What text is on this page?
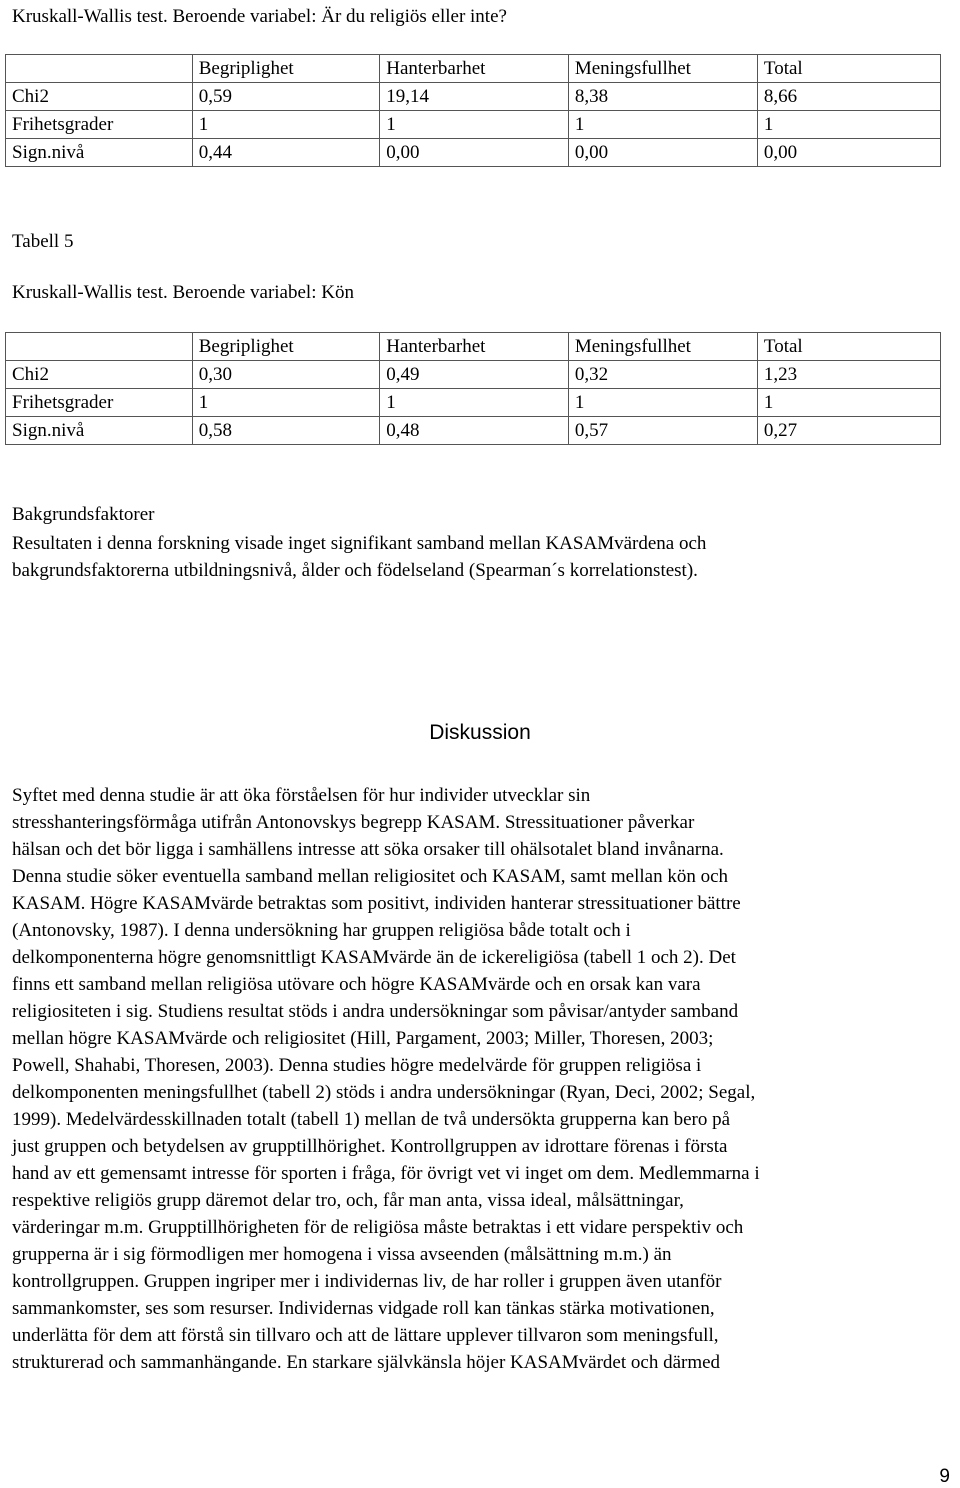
Kruskall-Wallis test. Beroende variabel: Är du religiös eller inte?
	Begriplighet	Hanterbarhet	Meningsfullhet	Total
Chi2	0,59	19,14	8,38	8,66
Frihetsgrader	1	1	1	1
Sign.nivå	0,44	0,00	0,00	0,00
Tabell 5
Kruskall-Wallis test. Beroende variabel: Kön
	Begriplighet	Hanterbarhet	Meningsfullhet	Total
Chi2	0,30	0,49	0,32	1,23
Frihetsgrader	1	1	1	1
Sign.nivå	0,58	0,48	0,57	0,27
Bakgrundsfaktorer
Resultaten i denna forskning visade inget signifikant samband mellan KASAMvärdena och
bakgrundsfaktorerna utbildningsnivå, ålder och födelseland (Spearman´s korrelationstest).
Diskussion
Syftet med denna studie är att öka förståelsen för hur individer utvecklar sin
stresshanteringsförmåga utifrån Antonovskys begrepp KASAM. Stressituationer påverkar
hälsan och det bör ligga i samhällens intresse att söka orsaker till ohälsotalet bland invånarna.
Denna studie söker eventuella samband mellan religiositet och KASAM, samt mellan kön och
KASAM. Högre KASAMvärde betraktas som positivt, individen hanterar stressituationer bättre
(Antonovsky, 1987). I denna undersökning har gruppen religiösa både totalt och i
delkomponenterna högre genomsnittligt KASAMvärde än de ickereligiösa (tabell 1 och 2). Det
finns ett samband mellan religiösa utövare och högre KASAMvärde och en orsak kan vara
religiositeten i sig. Studiens resultat stöds i andra undersökningar som påvisar/antyder samband
mellan högre KASAMvärde och religiositet (Hill, Pargament, 2003; Miller, Thoresen, 2003;
Powell, Shahabi, Thoresen, 2003). Denna studies högre medelvärde för gruppen religiösa i
delkomponenten meningsfullhet (tabell 2) stöds i andra undersökningar (Ryan, Deci, 2002; Segal,
1999). Medelvärdesskillnaden totalt (tabell 1) mellan de två undersökta grupperna kan bero på
just gruppen och betydelsen av grupptillhörighet. Kontrollgruppen av idrottare förenas i första
hand av ett gemensamt intresse för sporten i fråga, för övrigt vet vi inget om dem. Medlemmarna i
respektive religiös grupp däremot delar tro, och, får man anta, vissa ideal, målsättningar,
värderingar m.m. Grupptillhörigheten för de religiösa måste betraktas i ett vidare perspektiv och
grupperna är i sig förmodligen mer homogena i vissa avseenden (målsättning m.m.) än
kontrollgruppen. Gruppen ingriper mer i individernas liv, de har roller i gruppen även utanför
sammankomster, ses som resurser. Individernas vidgade roll kan tänkas stärka motivationen,
underlätta för dem att förstå sin tillvaro och att de lättare upplever tillvaron som meningsfull,
strukturerad och sammanhängande. En starkare självkänsla höjer KASAMvärdet och därmed
9
